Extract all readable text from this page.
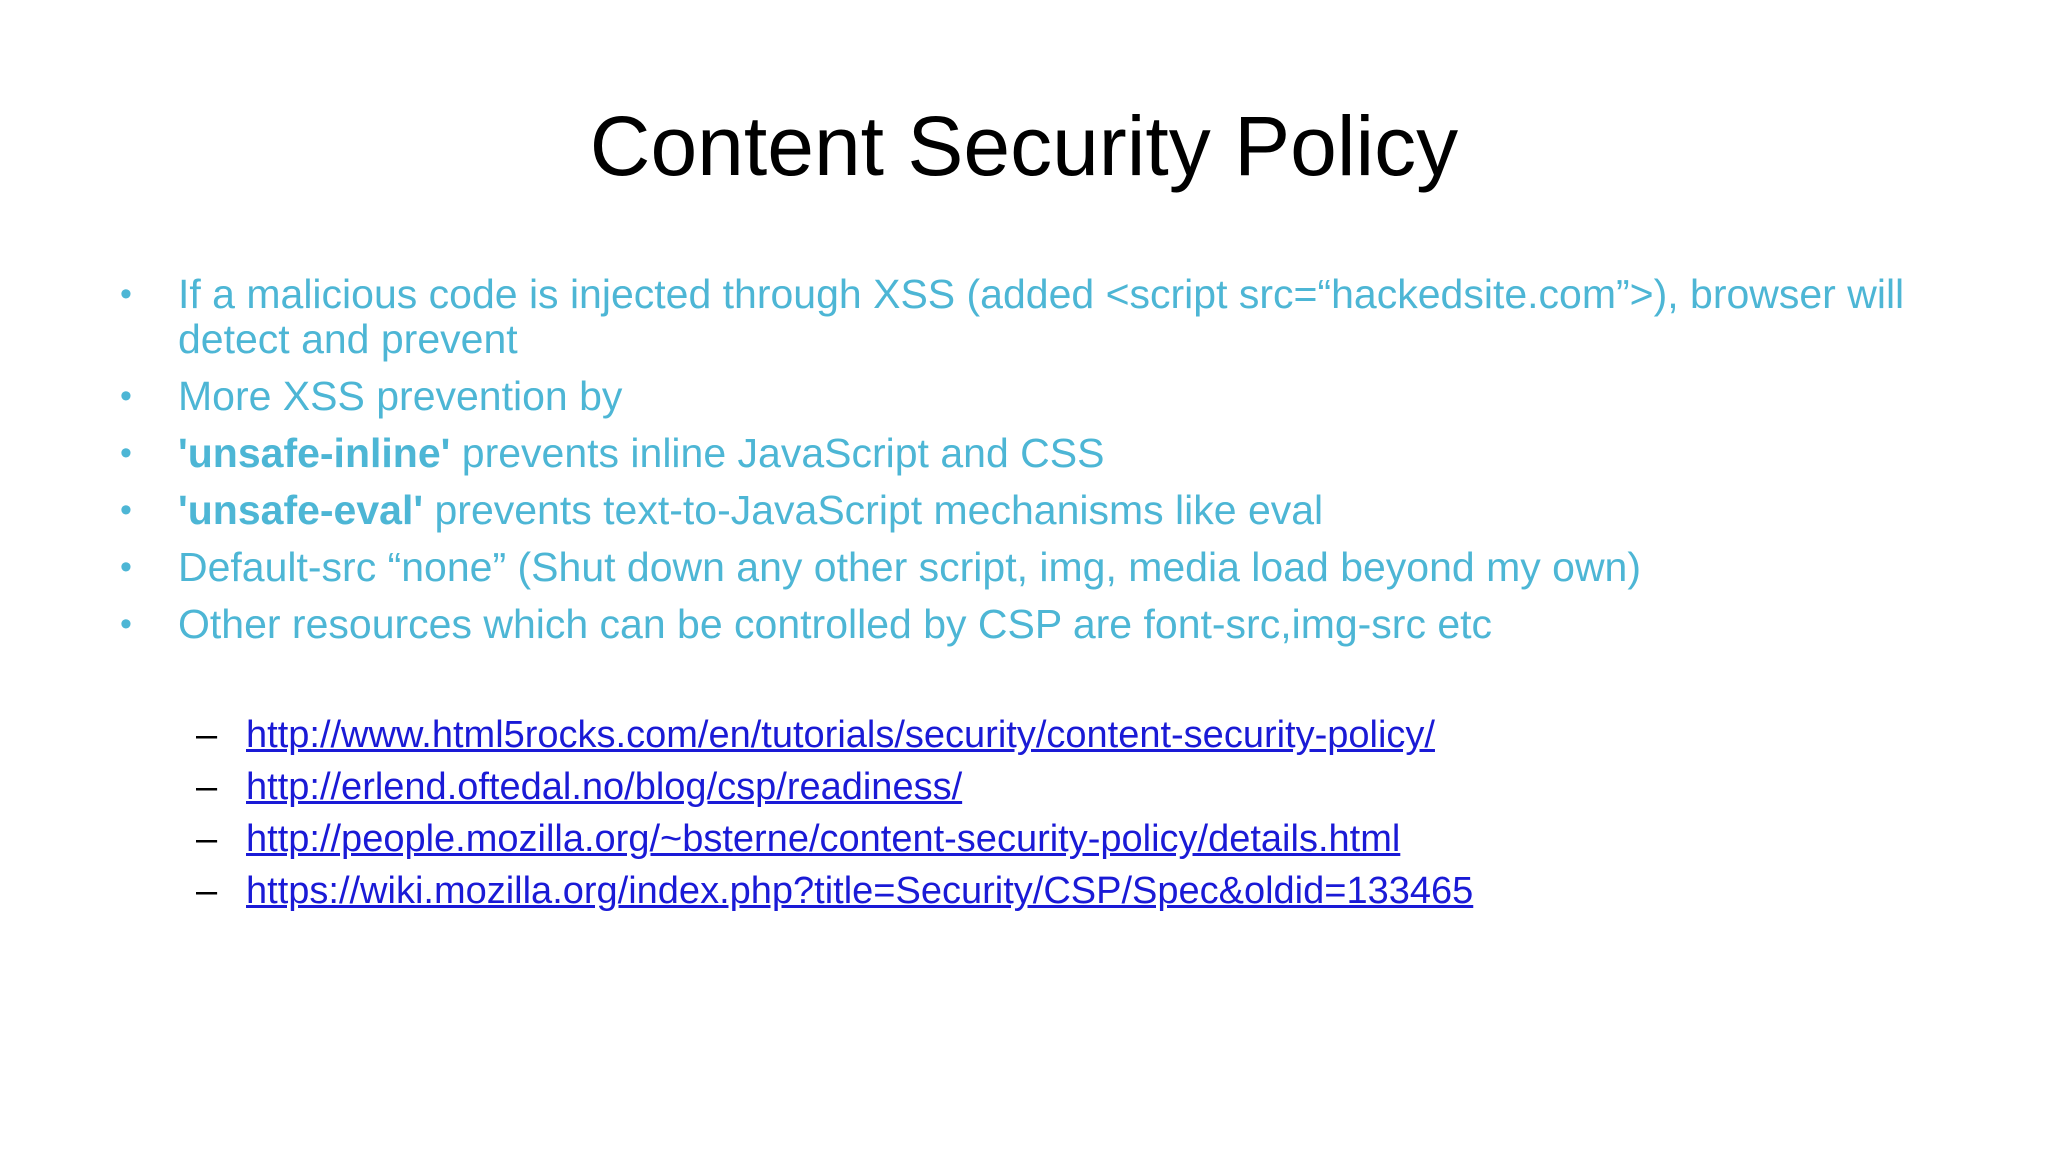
Content Security Policy
• If a malicious code is injected through XSS (added <script src=“hackedsite.com”>), browser will detect and prevent
• More XSS prevention by
• 'unsafe-inline' prevents inline JavaScript and CSS
• 'unsafe-eval' prevents text-to-JavaScript mechanisms like eval
• Default-src “none” (Shut down any other script, img, media load beyond my own)
• Other resources which can be controlled by CSP are font-src,img-src etc
– http://www.html5rocks.com/en/tutorials/security/content-security-policy/
– http://erlend.oftedal.no/blog/csp/readiness/
– http://people.mozilla.org/~bsterne/content-security-policy/details.html
– https://wiki.mozilla.org/index.php?title=Security/CSP/Spec&oldid=133465
